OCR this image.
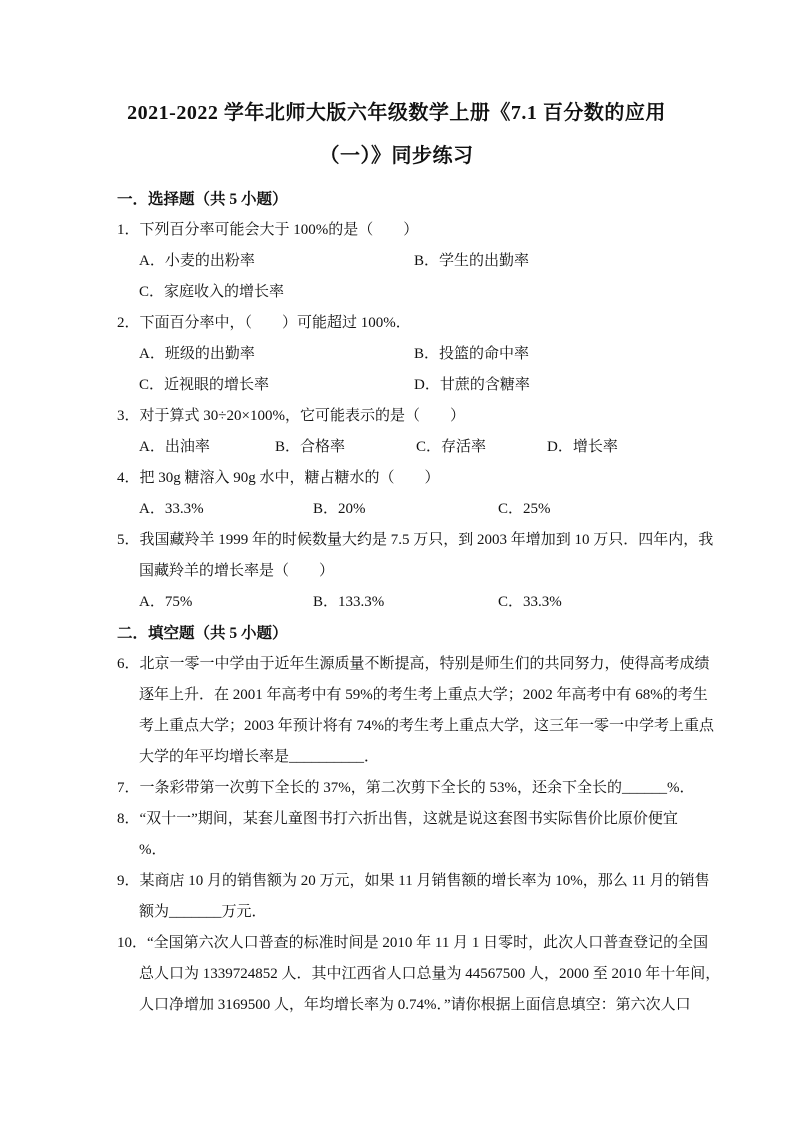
2021-2022 学年北师大版六年级数学上册《7.1 百分数的应用
（一）》同步练习
一．选择题（共 5 小题）
1．下列百分率可能会大于 100%的是（　　）
A．小麦的出粉率	B．学生的出勤率
C．家庭收入的增长率
2．下面百分率中，（　　）可能超过 100%．
A．班级的出勤率	B．投篮的命中率
C．近视眼的增长率	D．甘蔗的含糖率
3．对于算式 30÷20×100%，它可能表示的是（　　）
A．出油率	B．合格率	C．存活率	D．增长率
4．把 30g 糖溶入 90g 水中，糖占糖水的（　　）
A．33.3%	B．20%	C．25%
5．我国藏羚羊 1999 年的时候数量大约是 7.5 万只，到 2003 年增加到 10 万只．四年内，我
国藏羚羊的增长率是（　　）
A．75%	B．133.3%	C．33.3%
二．填空题（共 5 小题）
6．北京一零一中学由于近年生源质量不断提高，特别是师生们的共同努力，使得高考成绩
逐年上升．在 2001 年高考中有 59%的考生考上重点大学；2002 年高考中有 68%的考生
考上重点大学；2003 年预计将有 74%的考生考上重点大学，这三年一零一中学考上重点
大学的年平均增长率是__________．
7．一条彩带第一次剪下全长的 37%，第二次剪下全长的 53%，还余下全长的______%．
8．“双十一”期间，某套儿童图书打六折出售，这就是说这套图书实际售价比原价便宜
%．
9．某商店 10 月的销售额为 20 万元，如果 11 月销售额的增长率为 10%，那么 11 月的销售
额为_______万元．
10．“全国第六次人口普查的标准时间是 2010 年 11 月 1 日零时，此次人口普查登记的全国
总人口为 1339724852 人．其中江西省人口总量为 44567500 人，2000 至 2010 年十年间，
人口净增加 3169500 人，年均增长率为 0.74%．”请你根据上面信息填空：第六次人口
